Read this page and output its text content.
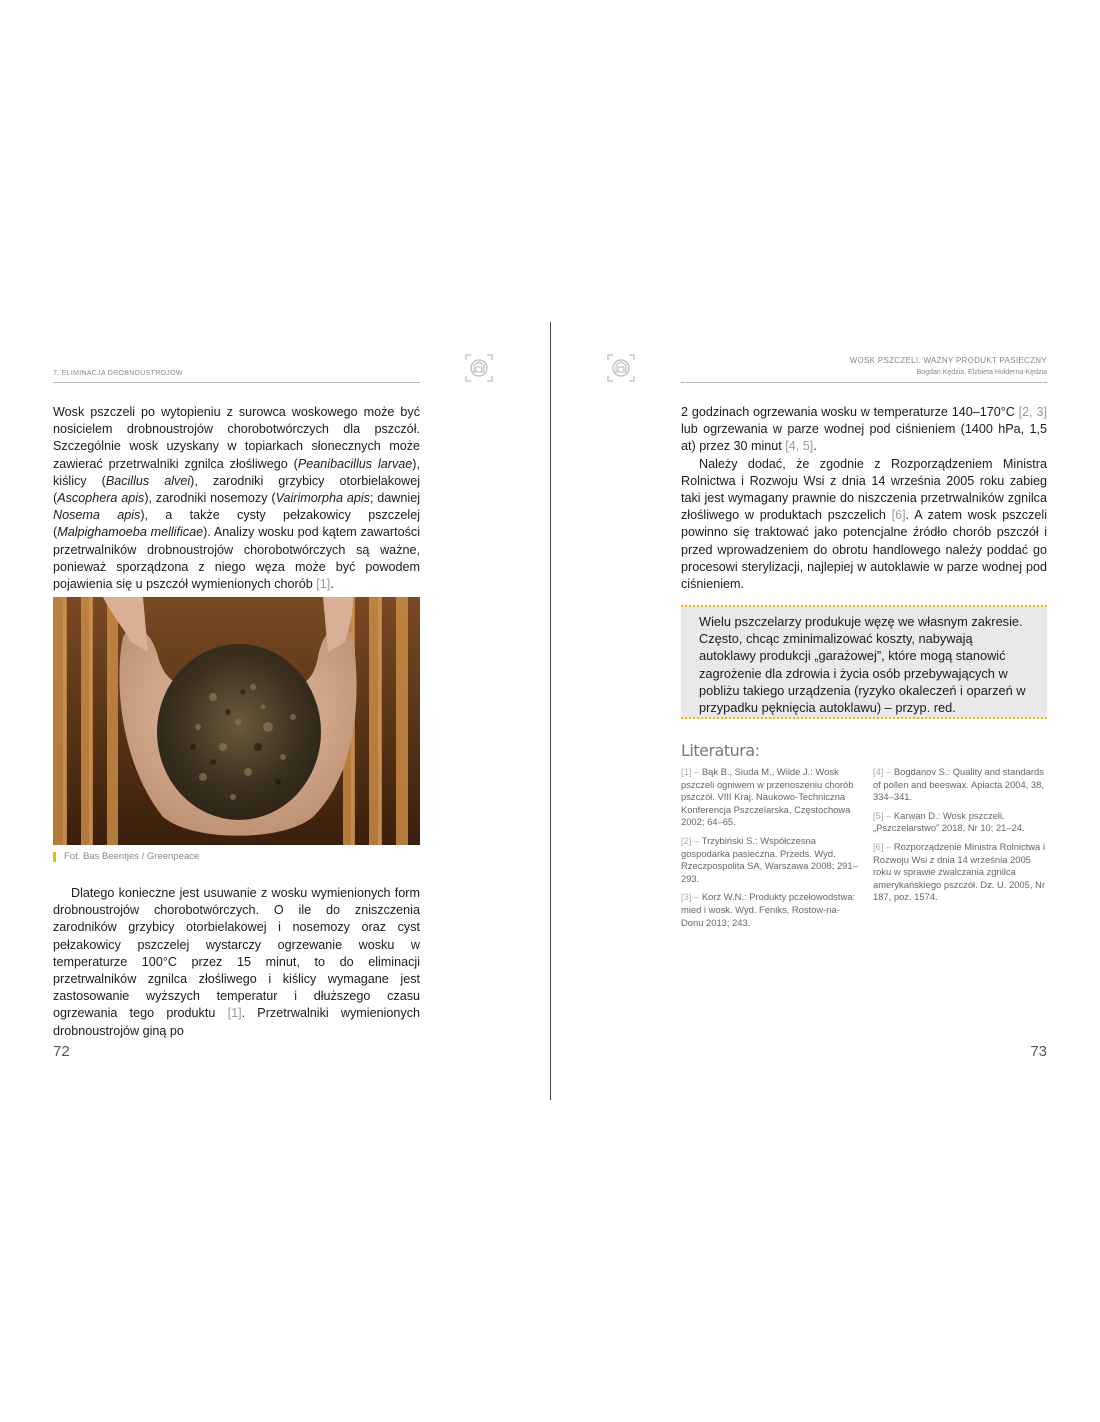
7. ELIMINACJA DROBNOUSTROJÓW

Wosk pszczeli po wytopieniu z surowca woskowego może być nosicielem drobnoustrojów chorobotwórczych dla pszczół. Szczególnie wosk uzyskany w topiarkach słonecznych może zawierać przetrwalniki zgnilca złośliwego (Peanibacillus larvae), kiślicy (Bacillus alvei), zarodniki grzybicy otorbielakowej (Ascophera apis), zarodniki nosemozy (Vairimorpha apis; dawniej Nosema apis), a także cysty pełzakowicy pszczelej (Malpighamoeba mellificae). Analizy wosku pod kątem zawartości przetrwalników drobnoustrojów chorobotwórczych są ważne, ponieważ sporządzona z niego węza może być powodem pojawienia się u pszczół wymienionych chorób [1].

Fot. Bas Beentjes / Greenpeace

Dlatego konieczne jest usuwanie z wosku wymienionych form drobnoustrojów chorobotwórczych. O ile do zniszczenia zarodników grzybicy otorbielakowej i nosemozy oraz cyst pełzakowicy pszczelej wystarczy ogrzewanie wosku w temperaturze 100°C przez 15 minut, to do eliminacji przetrwalników zgnilca złośliwego i kiślicy wymagane jest zastosowanie wyższych temperatur i dłuższego czasu ogrzewania tego produktu [1]. Przetrwalniki wymienionych drobnoustrojów giną po

72
WOSK PSZCZELI. WAŻNY PRODUKT PASIECZNY
Bogdan Kędzia, Elżbieta Hołderna-Kędzia

2 godzinach ogrzewania wosku w temperaturze 140–170°C [2, 3] lub ogrzewania w parze wodnej pod ciśnieniem (1400 hPa, 1,5 at) przez 30 minut [4, 5].

Należy dodać, że zgodnie z Rozporządzeniem Ministra Rolnictwa i Rozwoju Wsi z dnia 14 września 2005 roku zabieg taki jest wymagany prawnie do niszczenia przetrwalników zgnilca złośliwego w produktach pszczelich [6]. A zatem wosk pszczeli powinno się traktować jako potencjalne źródło chorób pszczół i przed wprowadzeniem do obrotu handlowego należy poddać go procesowi sterylizacji, najlepiej w autoklawie w parze wodnej pod ciśnieniem.

Wielu pszczelarzy produkuje węzę we własnym zakresie. Często, chcąc zminimalizować koszty, nabywają autoklawy produkcji „garażowej”, które mogą stanowić zagrożenie dla zdrowia i życia osób przebywających w pobliżu takiego urządzenia (ryzyko okaleczeń i oparzeń w przypadku pęknięcia autoklawu) – przyp. red.
Literatura:
[1] – Bąk B., Siuda M., Wilde J.: Wosk pszczeli ogniwem w przenoszeniu chorób pszczół. VIII Kraj. Naukowo-Techniczna Konferencja Pszczelarska, Częstochowa 2002; 64–65.
[2] – Trzybiński S.: Współczesna gospodarka pasieczna. Przeds. Wyd. Rzeczpospolita SA, Warszawa 2008; 291–293.
[3] – Korż W.N.: Produkty pczełowodstwa: mied i wosk. Wyd. Feniks, Rostow-na-Donu 2013; 243.
[4] – Bogdanov S.: Quality and standards of pollen and beeswax. Apiacta 2004, 38, 334–341.
[5] – Karwan D.: Wosk pszczeli. „Pszczelarstwo” 2018, Nr 10; 21–24.
[6] – Rozporządzenie Ministra Rolnictwa i Rozwoju Wsi z dnia 14 września 2005 roku w sprawie zwalczania zgnilca amerykańskiego pszczół. Dz. U. 2005, Nr 187, poz. 1574.
73
